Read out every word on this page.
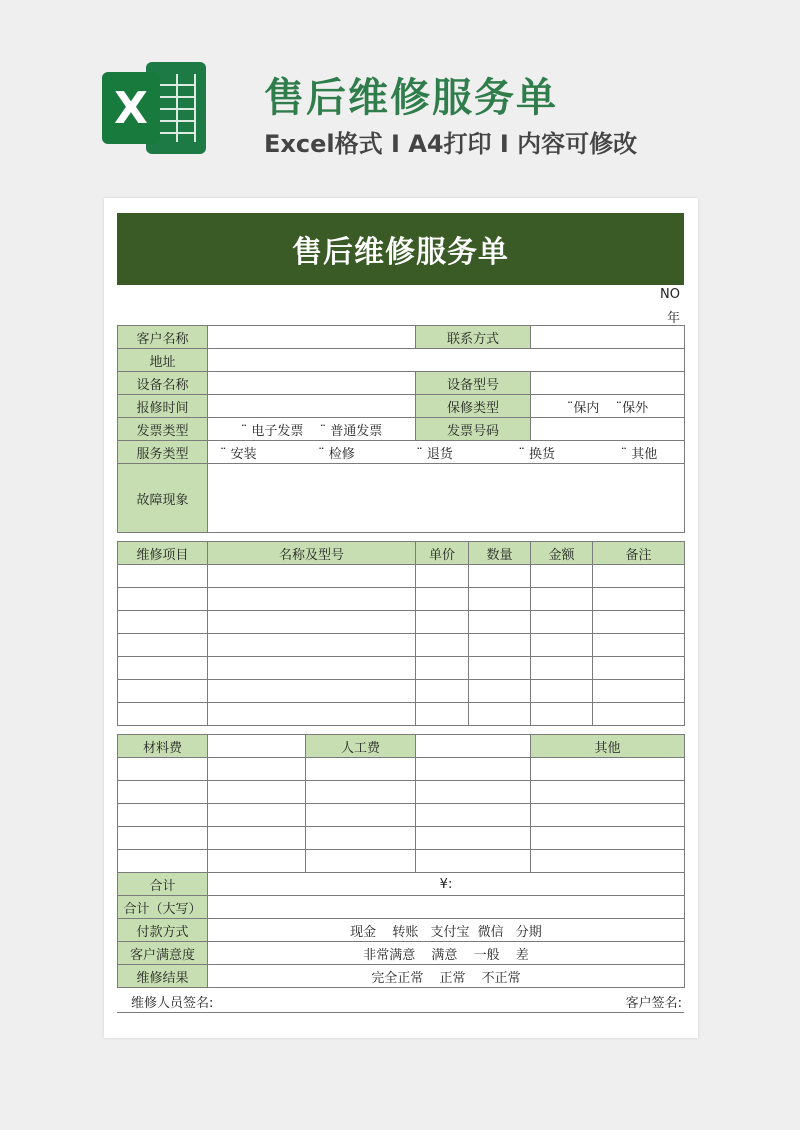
X	售后维修服务单
Excel格式 I A4打印 I 内容可修改
售后维修服务单
NO
年
客户名称		联系方式	
地址			
设备名称		设备型号	
报修时间		保修类型	¨保内 ¨保外
发票类型	¨ 电子发票 ¨ 普通发票	发票号码	
服务类型	¨ 安装 ¨ 检修 ¨ 退货 ¨ 换货 ¨ 其他		
故障现象			
维修项目	名称及型号	单价	数量	金额	备注

材料费		人工费		其他

合计	¥:			
合计（大写）				
付款方式	现金 转账 支付宝 微信 分期			
客户满意度	非常满意 满意 一般 差			
维修结果	完全正常 正常 不正常			
维修人员签名:	客户签名:
